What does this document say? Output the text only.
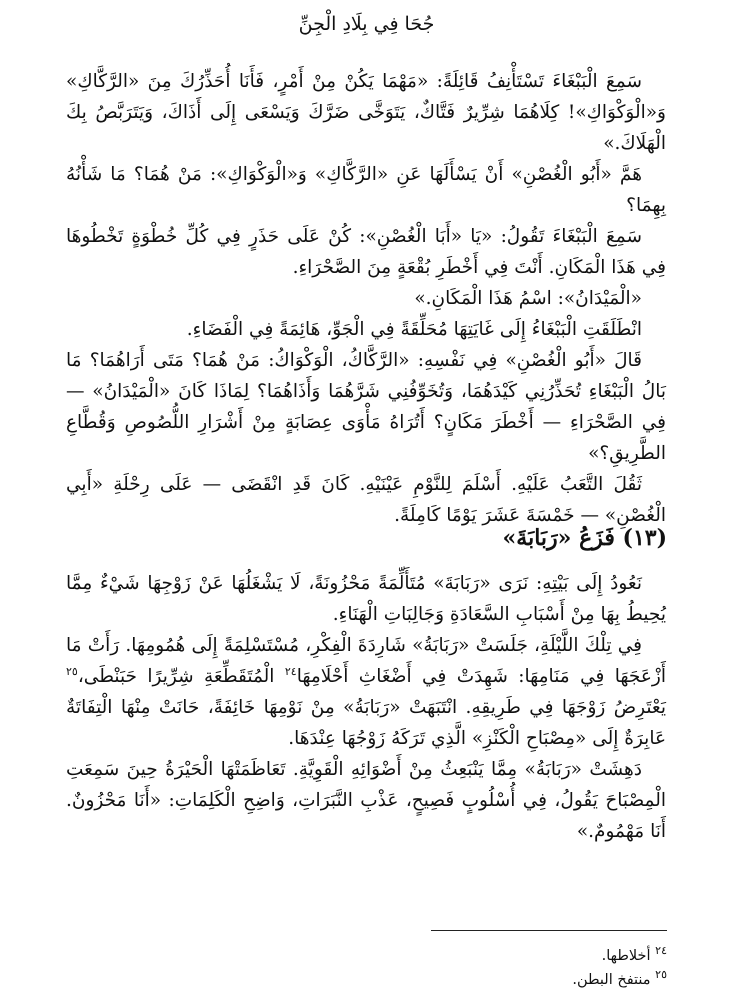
جُحَا فِي بِلَادِ الْجِنِّ

سَمِعَ الْبَبْغَاءَ تَسْتَأْنِفُ قَائِلَةً: «مَهْمَا يَكُنْ مِنْ أَمْرٍ، فَأَنَا أُحَذِّرُكَ مِنَ «الرَّكَّاكِ» وَ«الْوَكْوَاكِ»! كِلَاهُمَا شِرِّيرٌ فَتَّاكٌ، يَتَوَخَّى ضَرَّكَ وَيَسْعَى إِلَى أَذَاكَ، وَيَتَرَبَّصُ بِكَ الْهَلَاكَ.»

هَمَّ «أَبُو الْغُصْنِ» أَنْ يَسْأَلَهَا عَنِ «الرَّكَّاكِ» وَ«الْوَكْوَاكِ»: مَنْ هُمَا؟ مَا شَأْنُهُ بِهِمَا؟

سَمِعَ الْبَبْغَاءَ تَقُولُ: «يَا «أَبَا الْغُصْنِ»: كُنْ عَلَى حَذَرٍ فِي كُلِّ خُطْوَةٍ تَخْطُوهَا فِي هَذَا الْمَكَانِ. أَنْتَ فِي أَخْطَرِ بُقْعَةٍ مِنَ الصَّحْرَاءِ.

«الْمَيْدَانُ»: اسْمُ هَذَا الْمَكَانِ.»

انْطَلَقَتِ الْبَبْغَاءُ إِلَى غَايَتِهَا مُحَلِّقَةً فِي الْجَوِّ، هَائِمَةً فِي الْفَضَاءِ.

قَالَ «أَبُو الْغُصْنِ» فِي نَفْسِهِ: «الرَّكَّاكُ، الْوَكْوَاكُ: مَنْ هُمَا؟ مَتَى أَرَاهُمَا؟ مَا بَالُ الْبَبْغَاءِ تُحَذِّرُنِي كَيْدَهُمَا، وَتُخَوِّفُنِي شَرَّهُمَا وَأَذَاهُمَا؟ لِمَاذَا كَانَ «الْمَيْدَانُ» — فِي الصَّحْرَاءِ — أَخْطَرَ مَكَانٍ؟ أَتُرَاهُ مَأْوَى عِصَابَةٍ مِنْ أَشْرَارِ اللُّصُوصِ وَقُطَّاعِ الطَّرِيقِ؟»

ثَقُلَ التَّعَبُ عَلَيْهِ. أَسْلَمَ لِلنَّوْمِ عَيْنَيْهِ. كَانَ قَدِ انْقَضَى — عَلَى رِحْلَةِ «أَبِي الْغُصْنِ» — خَمْسَةَ عَشَرَ يَوْمًا كَامِلَةً.

(١٣) فَزَعُ «رَبَابَةَ»

نَعُودُ إِلَى بَيْتِهِ: نَرَى «رَبَابَةَ» مُتَأَلِّمَةً مَحْزُونَةً، لَا يَشْغَلُهَا عَنْ زَوْجِهَا شَيْءٌ مِمَّا يُحِيطُ بِهَا مِنْ أَسْبَابِ السَّعَادَةِ وَجَالِبَاتِ الْهَنَاءِ.

فِي تِلْكَ اللَّيْلَةِ، جَلَسَتْ «رَبَابَةُ» شَارِدَةَ الْفِكْرِ، مُسْتَسْلِمَةً إِلَى هُمُومِهَا. رَأَتْ مَا أَزْعَجَهَا فِي مَنَامِهَا: شَهِدَتْ فِي أَضْغَاثِ أَحْلَامِهَا$^{٢٤}$ الْمُتَقَطِّعَةِ شِرِّيرًا حَبَنْطَى،$^{٢٥}$ يَعْتَرِضُ زَوْجَهَا فِي طَرِيقِهِ. انْتَبَهَتْ «رَبَابَةُ» مِنْ نَوْمِهَا خَائِفَةً، حَانَتْ مِنْهَا الْتِفَاتَةٌ عَابِرَةٌ إِلَى «مِصْبَاحِ الْكَنْزِ» الَّذِي تَرَكَهُ زَوْجُهَا عِنْدَهَا.

دَهِشَتْ «رَبَابَةُ» مِمَّا يَنْبَعِثُ مِنْ أَضْوَائِهِ الْقَوِيَّةِ. تَعَاظَمَتْهَا الْحَيْرَةُ حِينَ سَمِعَتِ الْمِصْبَاحَ يَقُولُ، فِي أُسْلُوبٍ فَصِيحٍ، عَذْبِ النَّبَرَاتِ، وَاضِحِ الْكَلِمَاتِ: «أَنَا مَحْزُونٌ. أَنَا مَهْمُومٌ.»

$^{٢٤}$ أخلاطها.
$^{٢٥}$ منتفخ البطن.
